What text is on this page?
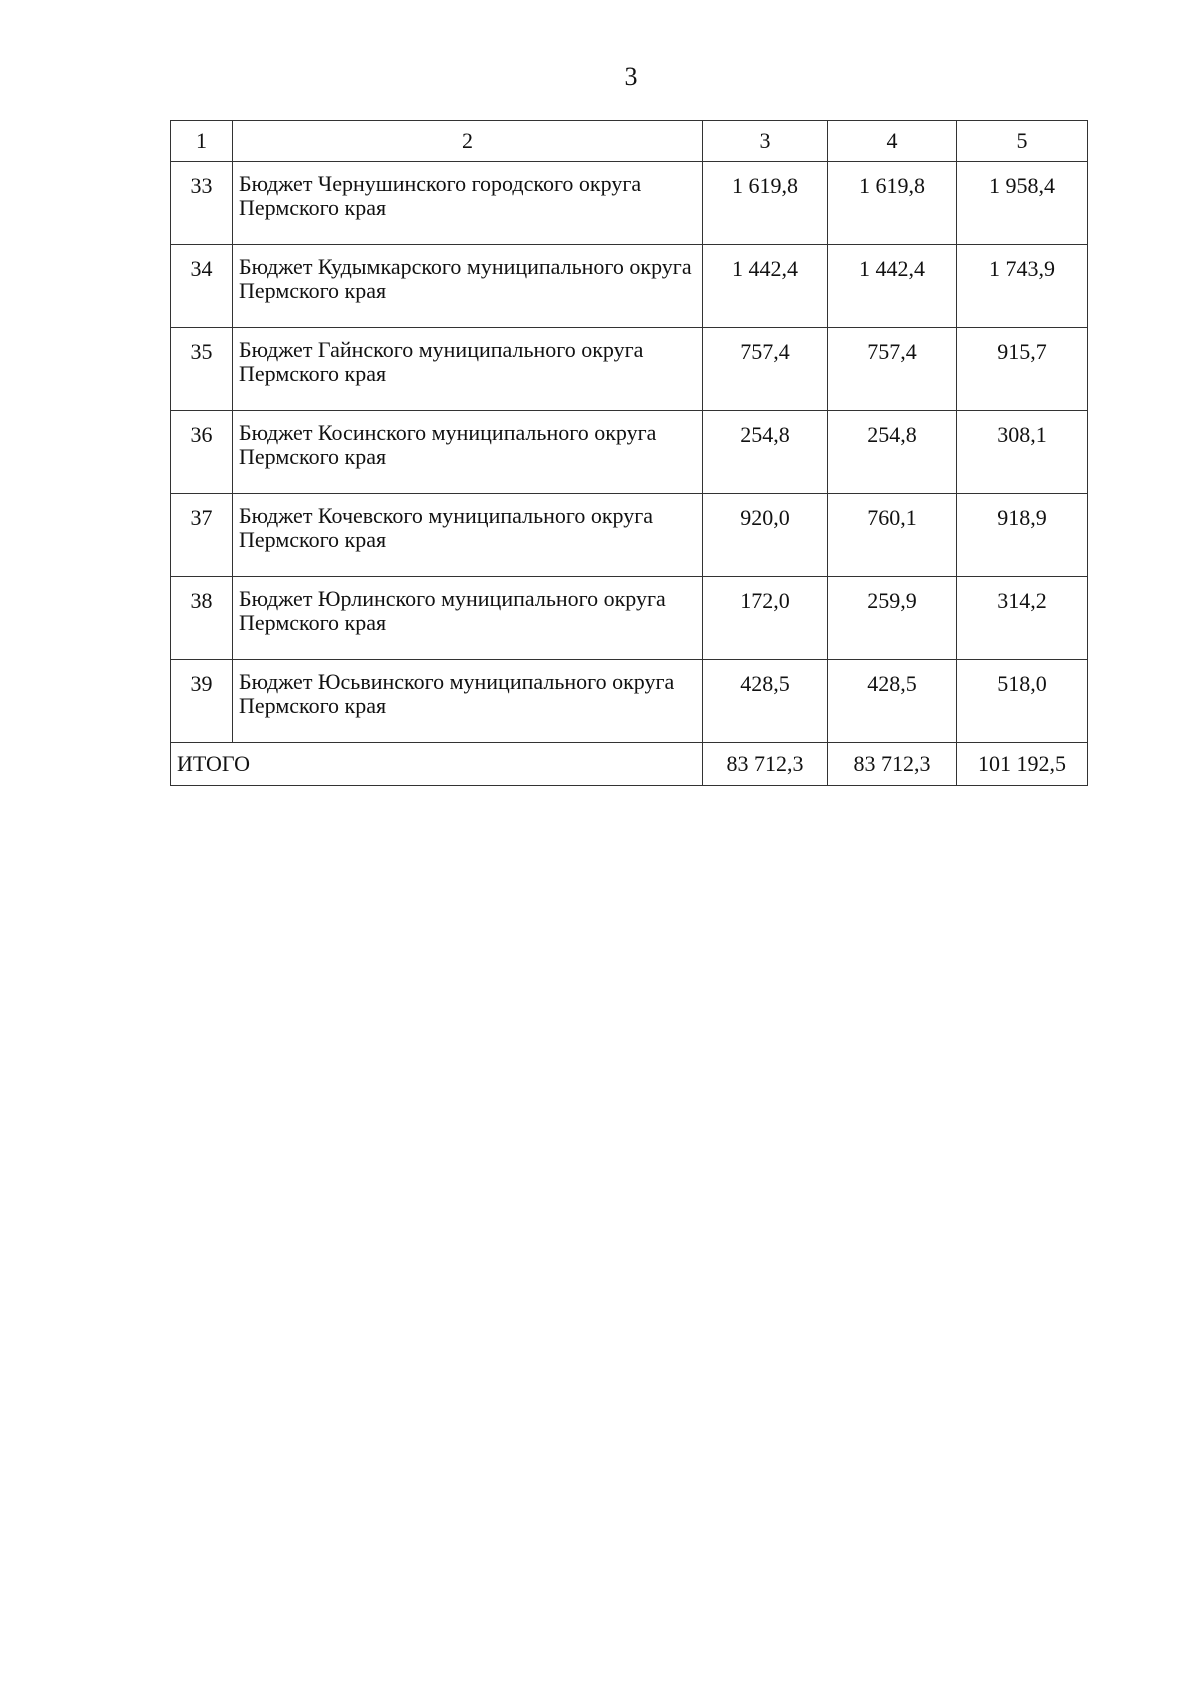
3
1	2	3	4	5
33	Бюджет Чернушинского городского округа Пермского края	1 619,8	1 619,8	1 958,4
34	Бюджет Кудымкарского муниципального округа Пермского края	1 442,4	1 442,4	1 743,9
35	Бюджет Гайнского муниципального округа Пермского края	757,4	757,4	915,7
36	Бюджет Косинского муниципального округа Пермского края	254,8	254,8	308,1
37	Бюджет Кочевского муниципального округа Пермского края	920,0	760,1	918,9
38	Бюджет Юрлинского муниципального округа Пермского края	172,0	259,9	314,2
39	Бюджет Юсьвинского муниципального округа Пермского края	428,5	428,5	518,0
ИТОГО		83 712,3	83 712,3	101 192,5
